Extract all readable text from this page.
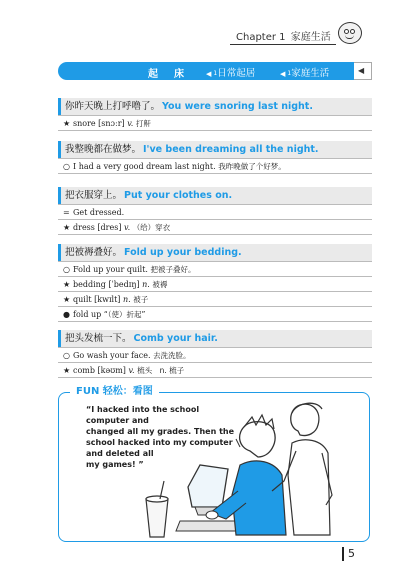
Chapter 1 家庭生活
起　床	◀ 1日常起居	◀ 1家庭生活	◀
你昨天晚上打呼噜了。 You were snoring last night.
★ snore [snɔːr] v. 打鼾
我整晚都在做梦。 I've been dreaming all the night.
○ I had a very good dream last night. 我昨晚做了个好梦。
把衣服穿上。 Put your clothes on.
= Get dressed.
★ dress [dres] v. （给）穿衣
把被褥叠好。 Fold up your bedding.
○ Fold up your quilt. 把被子叠好。
★ bedding [ˈbedɪŋ] n. 被褥
★ quilt [kwɪlt] n. 被子
● fold up “（使）折起”
把头发梳一下。 Comb your hair.
○ Go wash your face. 去洗洗脸。
★ comb [kəʊm] v. 梳头　n. 梳子
FUN 轻松：看图
“I hacked into the school computer and
changed all my grades. Then the
school hacked into my computer
and deleted all
my games! ”
5
